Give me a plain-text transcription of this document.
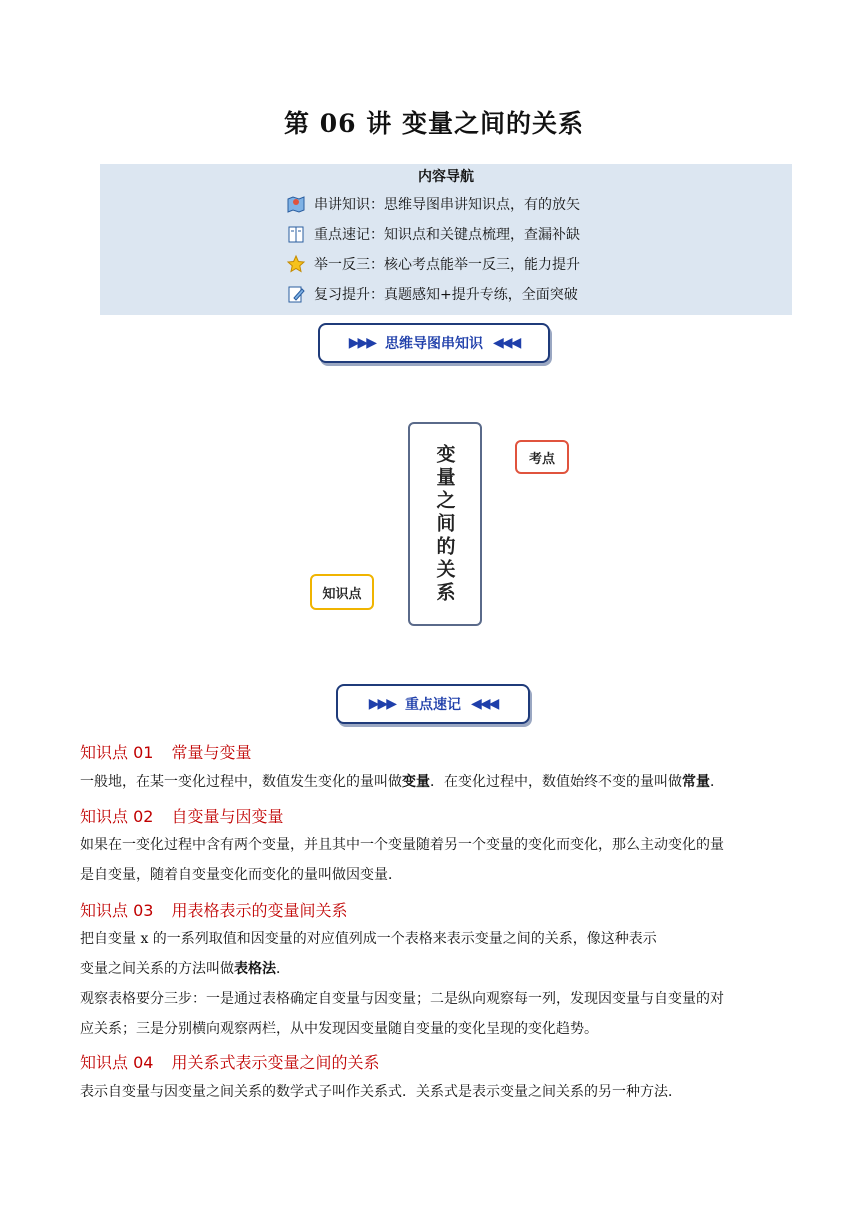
第 06 讲 变量之间的关系
内容导航
串讲知识：思维导图串讲知识点，有的放矢
重点速记：知识点和关键点梳理，查漏补缺
举一反三：核心考点能举一反三，能力提升
复习提升：真题感知+提升专练，全面突破
▶▶▶ 思维导图串知识 ◀◀◀
变量之间的关系	考点
知识点
▶▶▶ 重点速记 ◀◀◀
知识点 01 常量与变量
一般地，在某一变化过程中，数值发生变化的量叫做变量．在变化过程中，数值始终不变的量叫做常量．
知识点 02 自变量与因变量
如果在一变化过程中含有两个变量，并且其中一个变量随着另一个变量的变化而变化，那么主动变化的量
是自变量，随着自变量变化而变化的量叫做因变量．
知识点 03 用表格表示的变量间关系
把自变量 x 的一系列取值和因变量的对应值列成一个表格来表示变量之间的关系，像这种表示
变量之间关系的方法叫做表格法．
观察表格要分三步：一是通过表格确定自变量与因变量；二是纵向观察每一列，发现因变量与自变量的对
应关系；三是分别横向观察两栏，从中发现因变量随自变量的变化呈现的变化趋势。
知识点 04 用关系式表示变量之间的关系
表示自变量与因变量之间关系的数学式子叫作关系式．关系式是表示变量之间关系的另一种方法．
